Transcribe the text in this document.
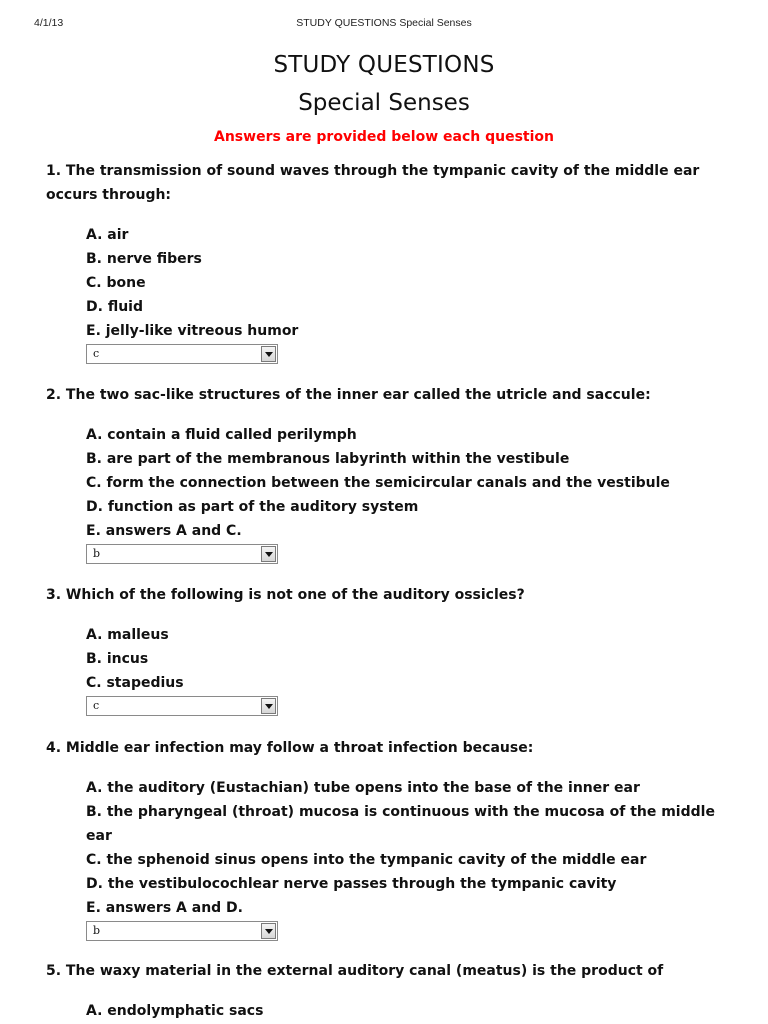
4/1/13	STUDY QUESTIONS Special Senses
STUDY QUESTIONS
Special Senses
Answers are provided below each question

1. The transmission of sound waves through the tympanic cavity of the middle ear occurs through:

A. air
B. nerve fibers
C. bone
D. fluid
E. jelly-like vitreous humor
c

2. The two sac-like structures of the inner ear called the utricle and saccule:

A. contain a fluid called perilymph
B. are part of the membranous labyrinth within the vestibule
C. form the connection between the semicircular canals and the vestibule
D. function as part of the auditory system
E. answers A and C.
b

3. Which of the following is not one of the auditory ossicles?

A. malleus
B. incus
C. stapedius
c

4. Middle ear infection may follow a throat infection because:

A. the auditory (Eustachian) tube opens into the base of the inner ear
B. the pharyngeal (throat) mucosa is continuous with the mucosa of the middle ear
C. the sphenoid sinus opens into the tympanic cavity of the middle ear
D. the vestibulocochlear nerve passes through the tympanic cavity
E. answers A and D.
b

5. The waxy material in the external auditory canal (meatus) is the product of

A. endolymphatic sacs
